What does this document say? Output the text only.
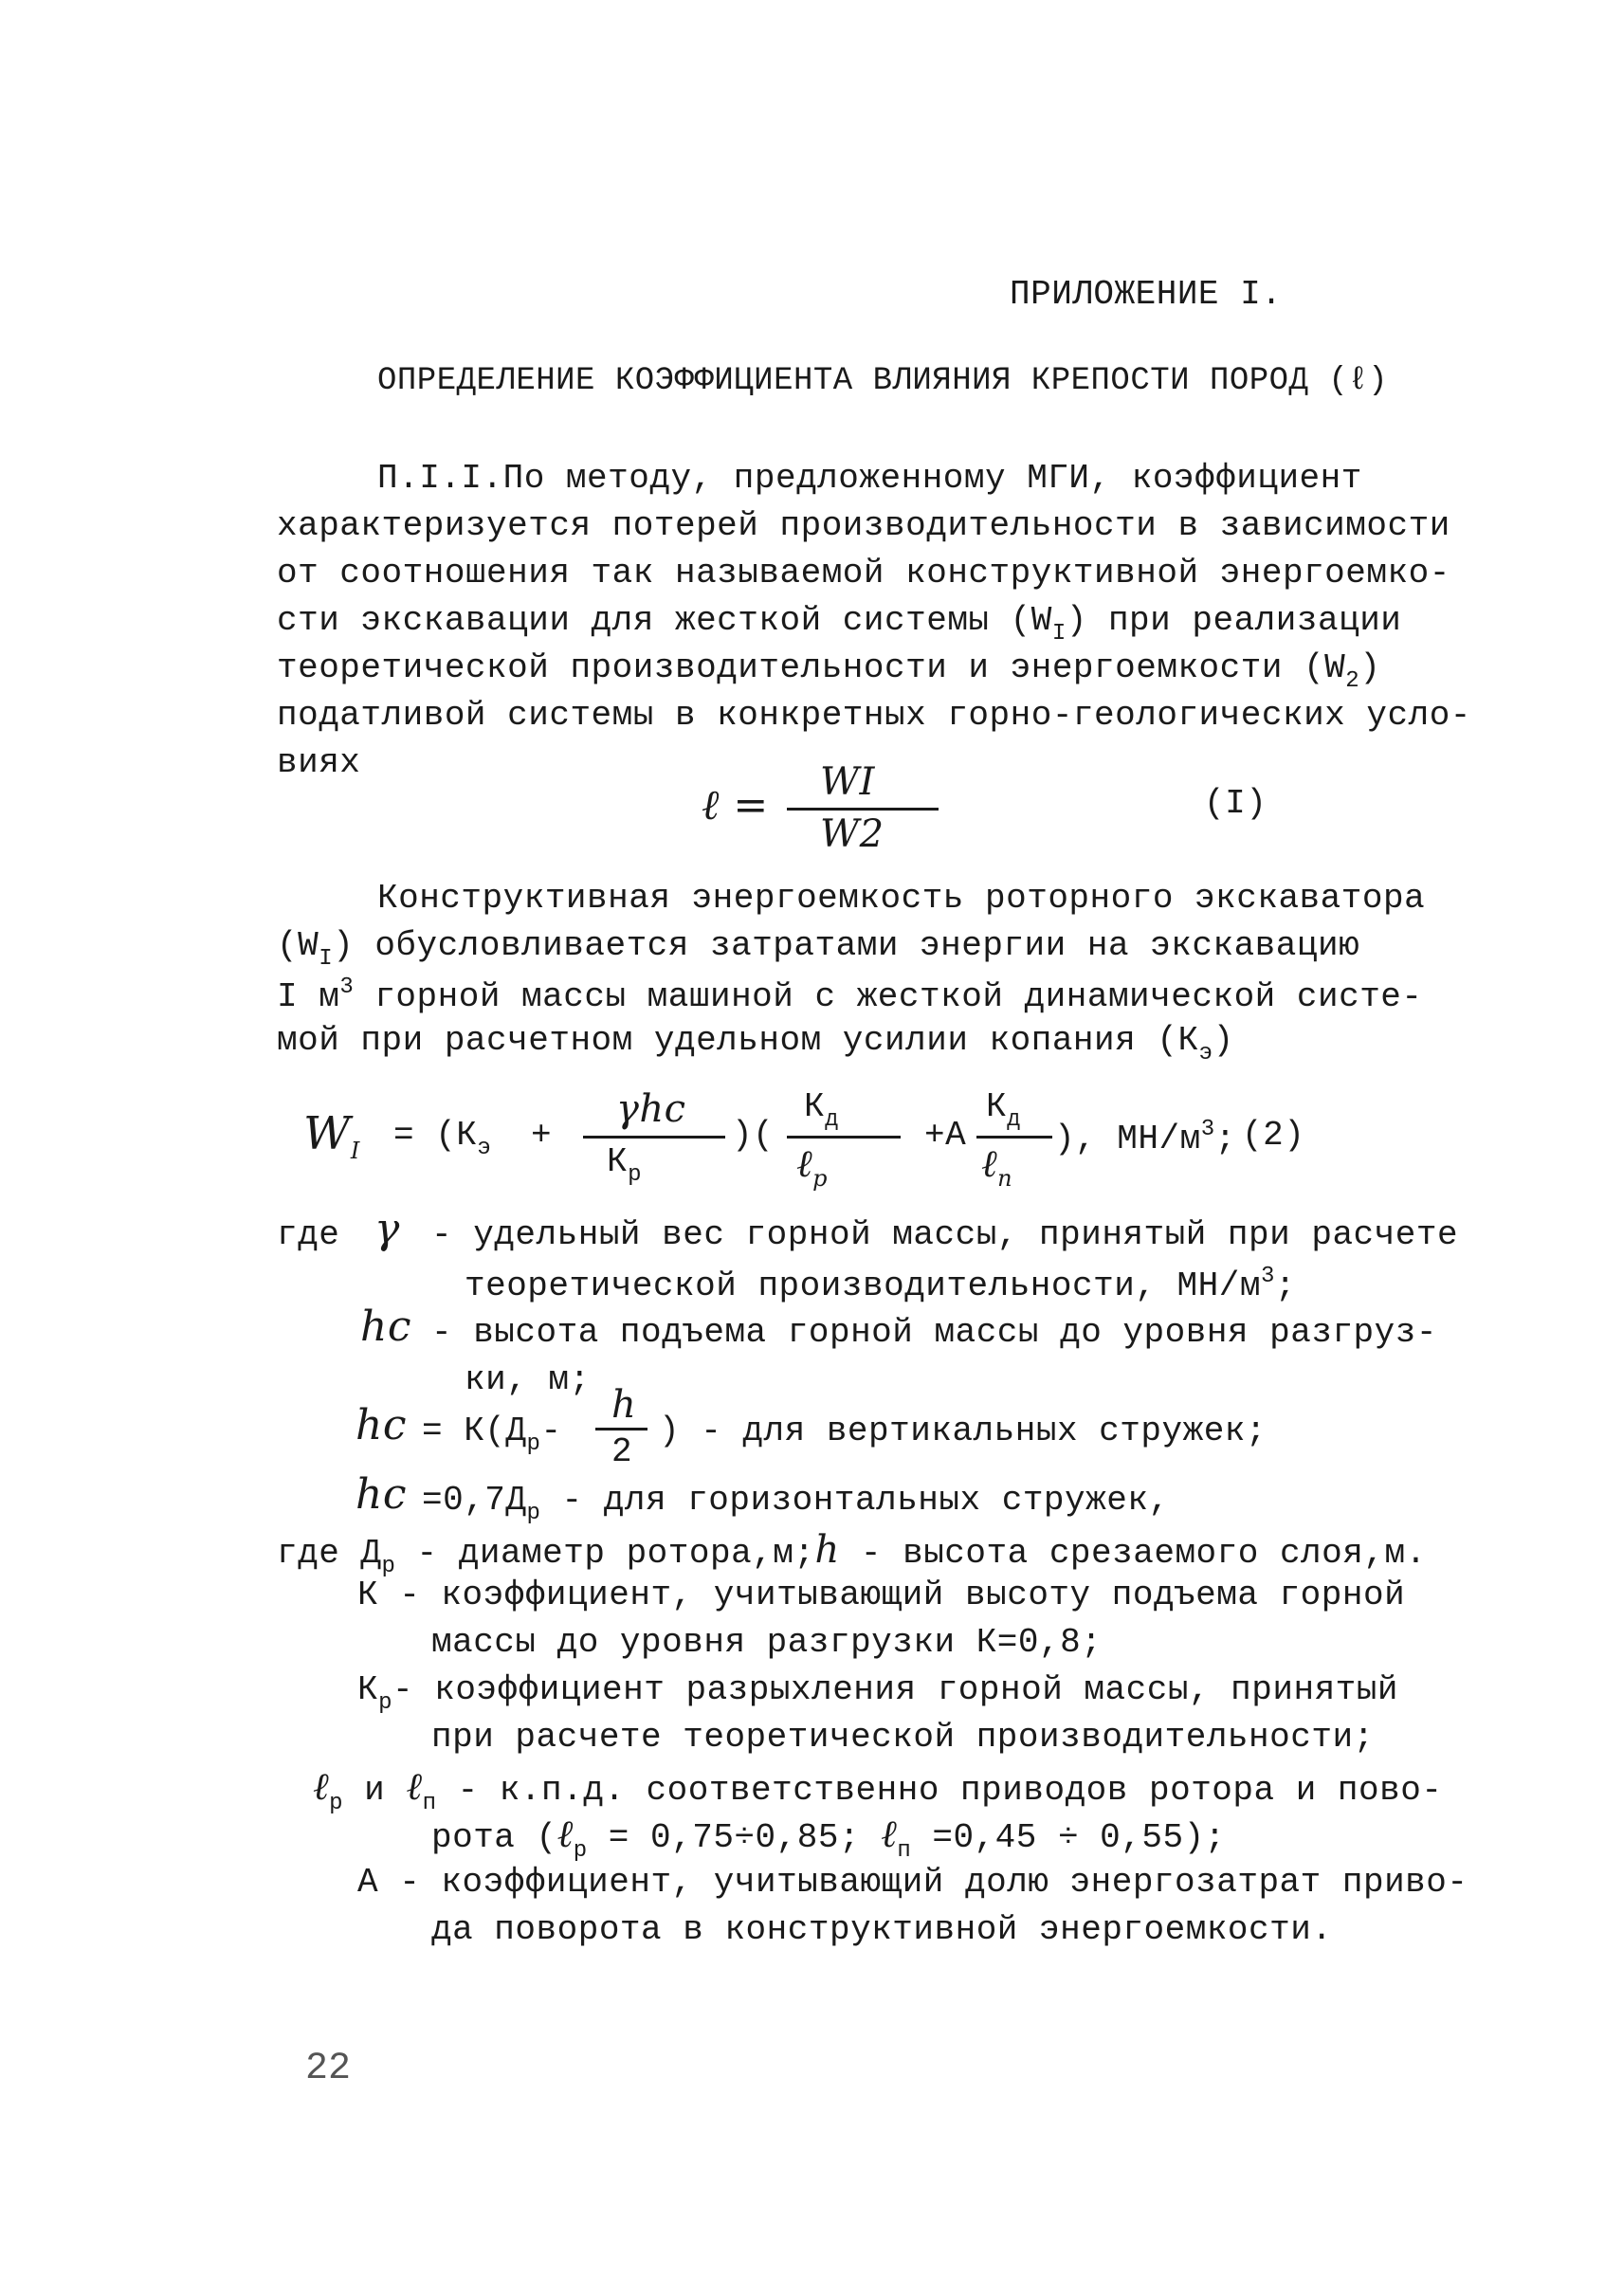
ПРИЛОЖЕНИЕ I.
ОПРЕДЕЛЕНИЕ КОЭФФИЦИЕНТА ВЛИЯНИЯ КРЕПОСТИ ПОРОД (ℓ)
П.I.I.По методу, предложенному МГИ, коэффициент
характеризуется потерей производительности в зависимости
от соотношения так называемой конструктивной энергоемко-
сти экскавации для жесткой системы $(W_I)$ при реализации
теоретической производительности и энергоемкости $(W_2)$
податливой системы в конкретных горно-геологических усло-
виях
ℓ = WI
W2
(I)
Конструктивная энергоемкость роторного экскаватора
$(W_I)$ обусловливается затратами энергии на экскавацию
I $м^3$ горной массы машиной с жесткой динамической систе-
мой при расчетном удельном усилии копания $(К_э)$
$W_I = (К_э$ +
γhc
$К_р$
)(
$К_д$
ℓ$_р$
+А
$К_д$
ℓ$_п$
), $МН/м^3$; (2)
где γ - удельный вес горной массы, принятый при расчете
теоретической производительности, $МН/м^3$;
hc - высота подъема горной массы до уровня разгруз-
ки, м;
hc = $К(Д_р-$
h
2
) - для вертикальных стружек;
hc $=0,7Д_р$ - для горизонтальных стружек,
где $Д_р$ - диаметр ротора,м;h - высота срезаемого слоя,м.
К - коэффициент, учитывающий высоту подъема горной
массы до уровня разгрузки К=0,8;
$К_р-$ коэффициент разрыхления горной массы, принятый
при расчете теоретической производительности;
ℓ$_р$ и ℓ$_п$ - к.п.д. соответственно приводов ротора и пово-
рота (ℓ$_р$ = 0,75÷0,85; ℓ$_п$ =0,45 ÷ 0,55);
А - коэффициент, учитывающий долю энергозатрат приво-
да поворота в конструктивной энергоемкости.
22
